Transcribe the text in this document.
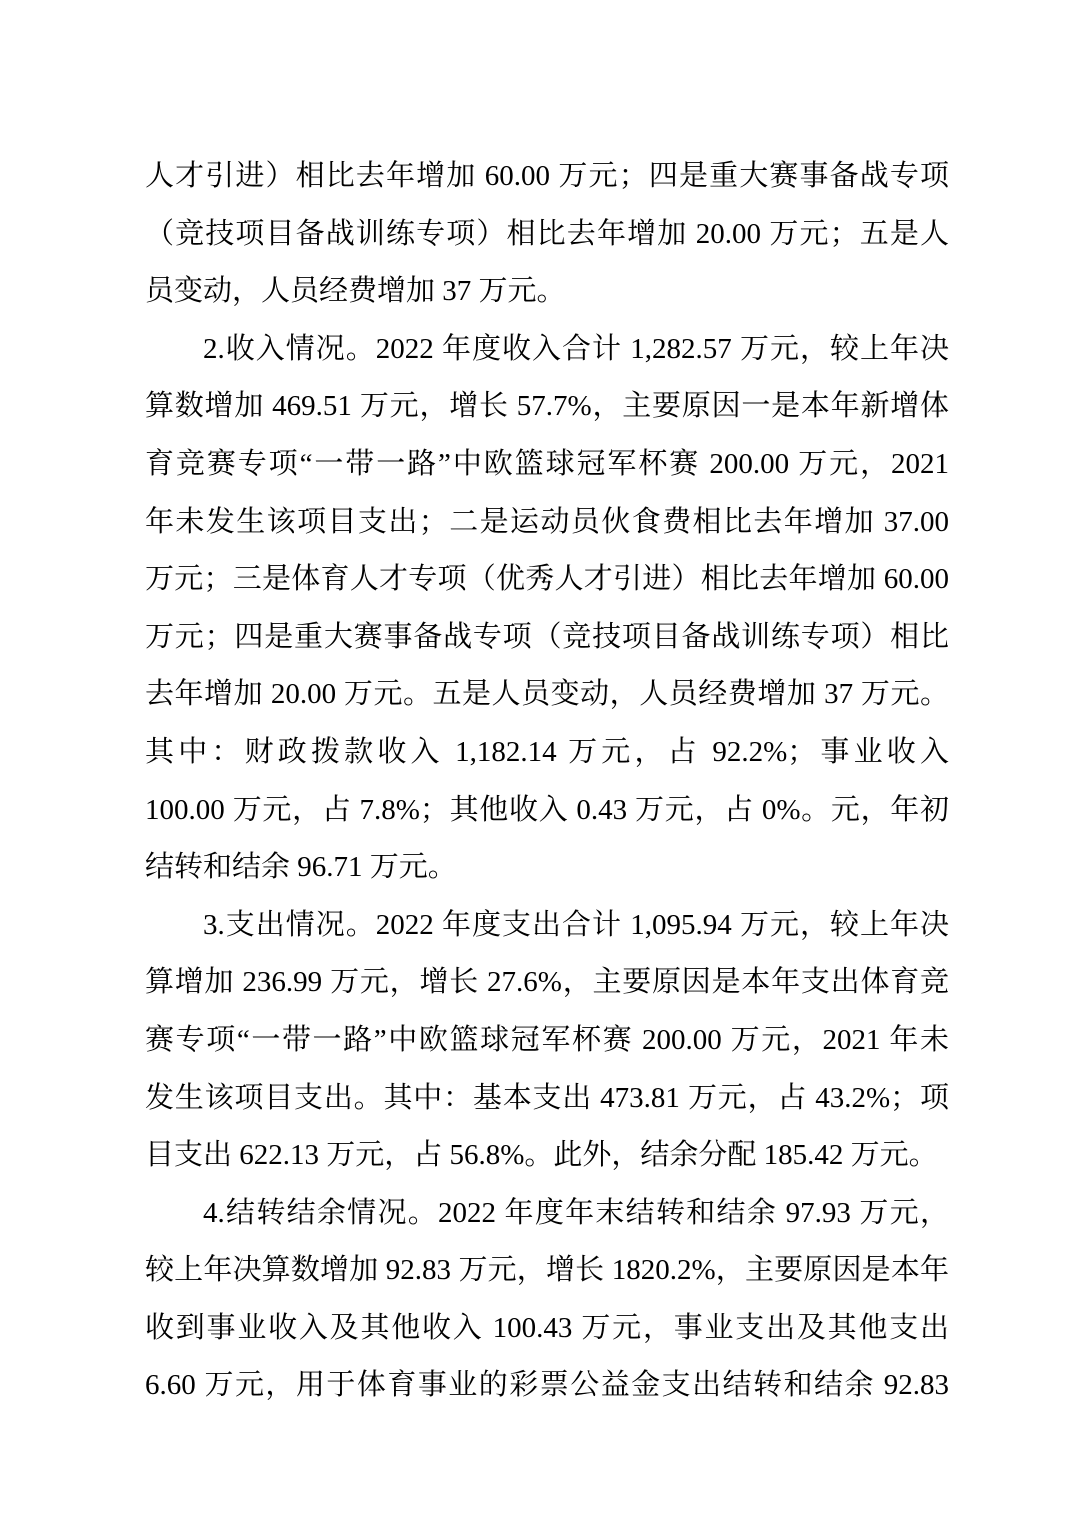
人才引进）相比去年增加 60.00 万元；四是重大赛事备战专项
（竞技项目备战训练专项）相比去年增加 20.00 万元；五是人
员变动，人员经费增加 37 万元。
2.收入情况。2022 年度收入合计 1,282.57 万元，较上年决
算数增加 469.51 万元，增长 57.7%，主要原因一是本年新增体
育竞赛专项“一带一路”中欧篮球冠军杯赛 200.00 万元，2021
年未发生该项目支出；二是运动员伙食费相比去年增加 37.00
万元；三是体育人才专项（优秀人才引进）相比去年增加 60.00
万元；四是重大赛事备战专项（竞技项目备战训练专项）相比
去年增加 20.00 万元。五是人员变动，人员经费增加 37 万元。
其中：财政拨款收入 1,182.14 万元，占 92.2%；事业收入
100.00 万元，占 7.8%；其他收入 0.43 万元，占 0%。元，年初
结转和结余 96.71 万元。
3.支出情况。2022 年度支出合计 1,095.94 万元，较上年决
算增加 236.99 万元，增长 27.6%，主要原因是本年支出体育竞
赛专项“一带一路”中欧篮球冠军杯赛 200.00 万元，2021 年未
发生该项目支出。其中：基本支出 473.81 万元，占 43.2%；项
目支出 622.13 万元，占 56.8%。此外，结余分配 185.42 万元。
4.结转结余情况。2022 年度年末结转和结余 97.93 万元，
较上年决算数增加 92.83 万元，增长 1820.2%，主要原因是本年
收到事业收入及其他收入 100.43 万元，事业支出及其他支出
6.60 万元，用于体育事业的彩票公益金支出结转和结余 92.83
